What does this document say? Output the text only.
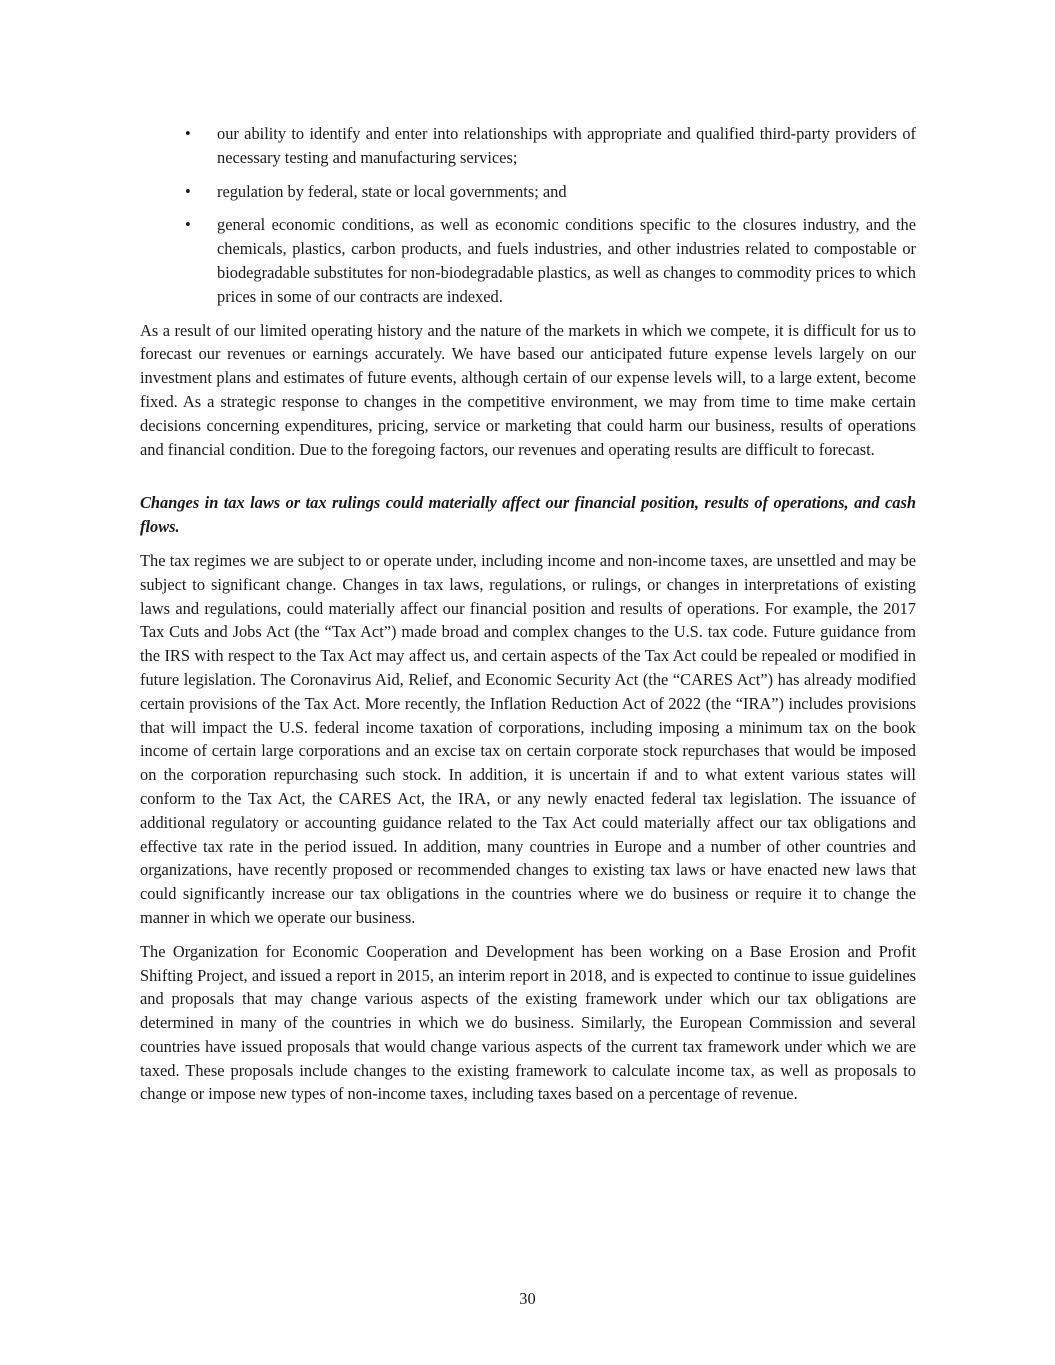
• our ability to identify and enter into relationships with appropriate and qualified third-party providers of necessary testing and manufacturing services;
• regulation by federal, state or local governments; and
• general economic conditions, as well as economic conditions specific to the closures industry, and the chemicals, plastics, carbon products, and fuels industries, and other industries related to compostable or biodegradable substitutes for non-biodegradable plastics, as well as changes to commodity prices to which prices in some of our contracts are indexed.

As a result of our limited operating history and the nature of the markets in which we compete, it is difficult for us to forecast our revenues or earnings accurately. We have based our anticipated future expense levels largely on our investment plans and estimates of future events, although certain of our expense levels will, to a large extent, become fixed. As a strategic response to changes in the competitive environment, we may from time to time make certain decisions concerning expenditures, pricing, service or marketing that could harm our business, results of operations and financial condition. Due to the foregoing factors, our revenues and operating results are difficult to forecast.

Changes in tax laws or tax rulings could materially affect our financial position, results of operations, and cash flows.

The tax regimes we are subject to or operate under, including income and non-income taxes, are unsettled and may be subject to significant change. Changes in tax laws, regulations, or rulings, or changes in interpretations of existing laws and regulations, could materially affect our financial position and results of operations. For example, the 2017 Tax Cuts and Jobs Act (the “Tax Act”) made broad and complex changes to the U.S. tax code. Future guidance from the IRS with respect to the Tax Act may affect us, and certain aspects of the Tax Act could be repealed or modified in future legislation. The Coronavirus Aid, Relief, and Economic Security Act (the “CARES Act”) has already modified certain provisions of the Tax Act. More recently, the Inflation Reduction Act of 2022 (the “IRA”) includes provisions that will impact the U.S. federal income taxation of corporations, including imposing a minimum tax on the book income of certain large corporations and an excise tax on certain corporate stock repurchases that would be imposed on the corporation repurchasing such stock. In addition, it is uncertain if and to what extent various states will conform to the Tax Act, the CARES Act, the IRA, or any newly enacted federal tax legislation. The issuance of additional regulatory or accounting guidance related to the Tax Act could materially affect our tax obligations and effective tax rate in the period issued. In addition, many countries in Europe and a number of other countries and organizations, have recently proposed or recommended changes to existing tax laws or have enacted new laws that could significantly increase our tax obligations in the countries where we do business or require it to change the manner in which we operate our business.

The Organization for Economic Cooperation and Development has been working on a Base Erosion and Profit Shifting Project, and issued a report in 2015, an interim report in 2018, and is expected to continue to issue guidelines and proposals that may change various aspects of the existing framework under which our tax obligations are determined in many of the countries in which we do business. Similarly, the European Commission and several countries have issued proposals that would change various aspects of the current tax framework under which we are taxed. These proposals include changes to the existing framework to calculate income tax, as well as proposals to change or impose new types of non-income taxes, including taxes based on a percentage of revenue.

30
